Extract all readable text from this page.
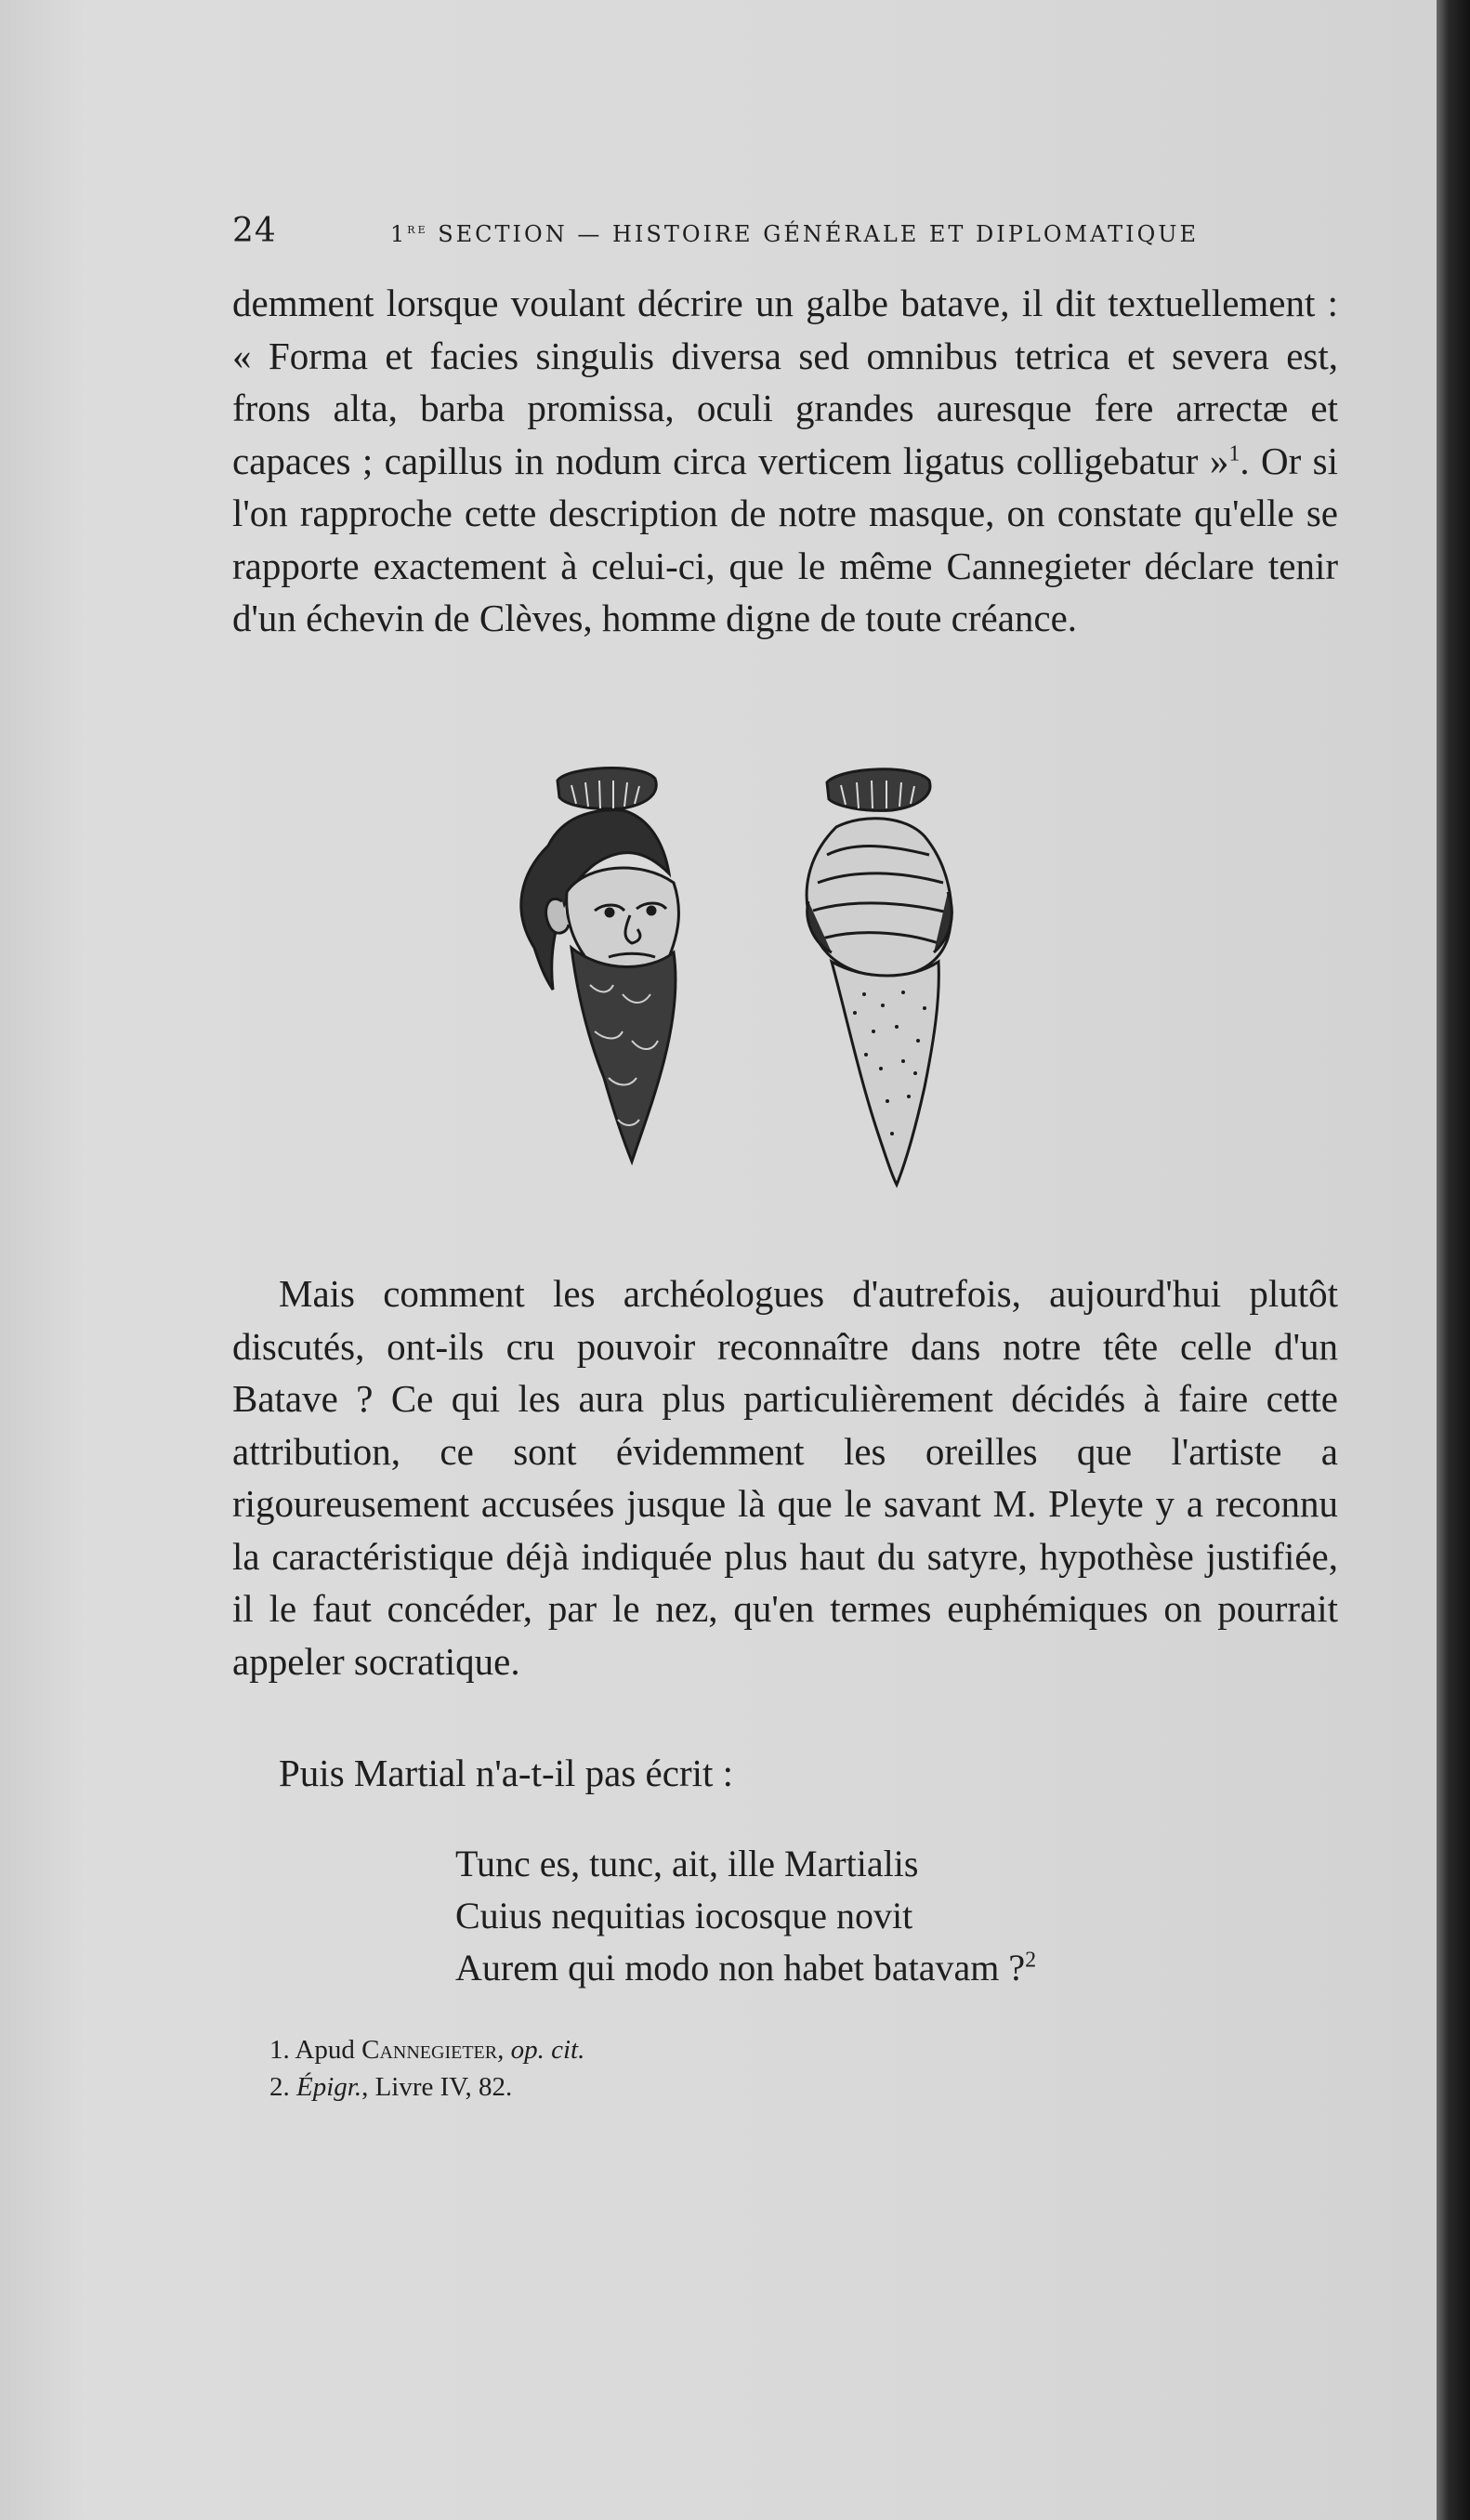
24	1re SECTION — HISTOIRE GÉNÉRALE ET DIPLOMATIQUE
demment lorsque voulant décrire un galbe batave, il dit textuellement : « Forma et facies singulis diversa sed omnibus tetrica et severa est, frons alta, barba promissa, oculi grandes auresque fere arrectæ et capaces ; capillus in nodum circa verticem ligatus colligebatur »$^1$. Or si l'on rapproche cette description de notre masque, on constate qu'elle se rapporte exactement à celui-ci, que le même Cannegieter déclare tenir d'un échevin de Clèves, homme digne de toute créance.
Mais comment les archéologues d'autrefois, aujourd'hui plutôt discutés, ont-ils cru pouvoir reconnaître dans notre tête celle d'un Batave ? Ce qui les aura plus particulièrement décidés à faire cette attribution, ce sont évidemment les oreilles que l'artiste a rigoureusement accusées jusque là que le savant M. Pleyte y a reconnu la caractéristique déjà indiquée plus haut du satyre, hypothèse justifiée, il le faut concéder, par le nez, qu'en termes euphémiques on pourrait appeler socratique.
Puis Martial n'a-t-il pas écrit :
Tunc es, tunc, ait, ille Martialis
Cuius nequitias iocosque novit
Aurem qui modo non habet batavam ?$^2$
1. Apud Cannegieter, op. cit.
2. Épigr., Livre IV, 82.
